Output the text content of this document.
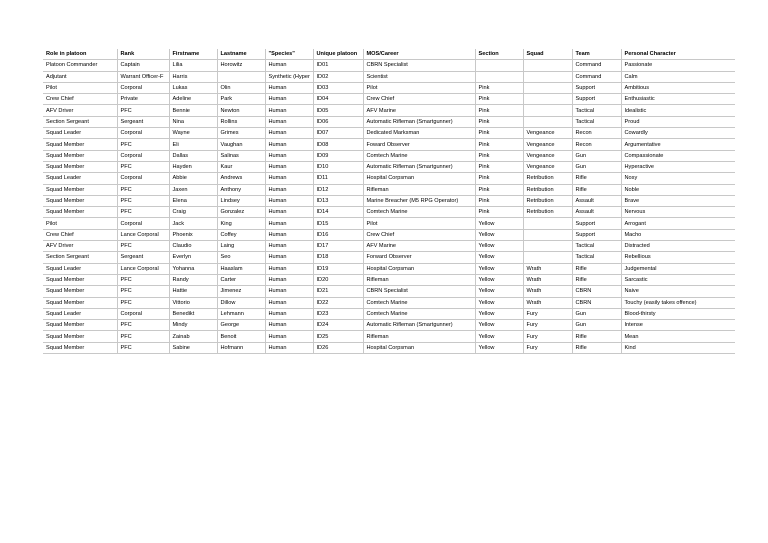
Role in platoon	Rank	Firstname	Lastname	"Species"	Unique platoon	MOS/Career	Section	Squad	Team	Personal Character
Platoon Commander	Captain	Lilia	Horowitz	Human	ID01	CBRN Specialist			Command	Passionate
Adjutant	Warrant Officer-F	Harris		Synthetic (Hyper	ID02	Scientist			Command	Calm
Pilot	Corporal	Lukas	Olin	Human	ID03	Pilot	Pink		Support	Ambitious
Crew Chief	Private	Adeline	Park	Human	ID04	Crew Chief	Pink		Support	Enthusiastic
AFV Driver	PFC	Bennie	Newton	Human	ID05	AFV Marine	Pink		Tactical	Idealistic
Section Sergeant	Sergeant	Nina	Rollins	Human	ID06	Automatic Rifleman (Smartgunner)	Pink		Tactical	Proud
Squad Leader	Corporal	Wayne	Grimes	Human	ID07	Dedicated Marksman	Pink	Vengeance	Recon	Cowardly
Squad Member	PFC	Eli	Vaughan	Human	ID08	Foward Observer	Pink	Vengeance	Recon	Argumentative
Squad Member	Corporal	Dallas	Salinas	Human	ID09	Comtech Marine	Pink	Vengeance	Gun	Compassionate
Squad Member	PFC	Hayden	Kaur	Human	ID10	Automatic Rifleman (Smartgunner)	Pink	Vengeance	Gun	Hyperactive
Squad Leader	Corporal	Abbie	Andrews	Human	ID11	Hospital Corpsman	Pink	Retribution	Rifle	Nosy
Squad Member	PFC	Jaxen	Anthony	Human	ID12	Rifleman	Pink	Retribution	Rifle	Noble
Squad Member	PFC	Elena	Lindsey	Human	ID13	Marine Breacher (M5 RPG Operator)	Pink	Retribution	Assault	Brave
Squad Member	PFC	Craig	Gonzalez	Human	ID14	Comtech Marine	Pink	Retribution	Assault	Nervous
Pilot	Corporal	Jack	King	Human	ID15	Pilot	Yellow		Support	Arrogant
Crew Chief	Lance Corporal	Phoenix	Coffey	Human	ID16	Crew Chief	Yellow		Support	Macho
AFV Driver	PFC	Claudio	Laing	Human	ID17	AFV Marine	Yellow		Tactical	Distracted
Section Sergeant	Sergeant	Everlyn	Seo	Human	ID18	Forward Observer	Yellow		Tactical	Rebellious
Squad Leader	Lance Corporal	Yohanna	Haaslam	Human	ID19	Hospital Corpsman	Yellow	Wrath	Rifle	Judgemental
Squad Member	PFC	Randy	Carter	Human	ID20	Rifleman	Yellow	Wrath	Rifle	Sarcastic
Squad Member	PFC	Hattie	Jimenez	Human	ID21	CBRN Specialist	Yellow	Wrath	CBRN	Naive
Squad Member	PFC	Vittorio	Dillow	Human	ID22	Comtech Marine	Yellow	Wrath	CBRN	Touchy (easily takes offence)
Squad Leader	Corporal	Benedikt	Lehmann	Human	ID23	Comtech Marine	Yellow	Fury	Gun	Blood-thirsty
Squad Member	PFC	Mindy	George	Human	ID24	Automatic Rifleman (Smartgunner)	Yellow	Fury	Gun	Intense
Squad Member	PFC	Zainab	Benoit	Human	ID25	Rifleman	Yellow	Fury	Rifle	Mean
Squad Member	PFC	Sabine	Hofmann	Human	ID26	Hospital Corpsman	Yellow	Fury	Rifle	Kind
